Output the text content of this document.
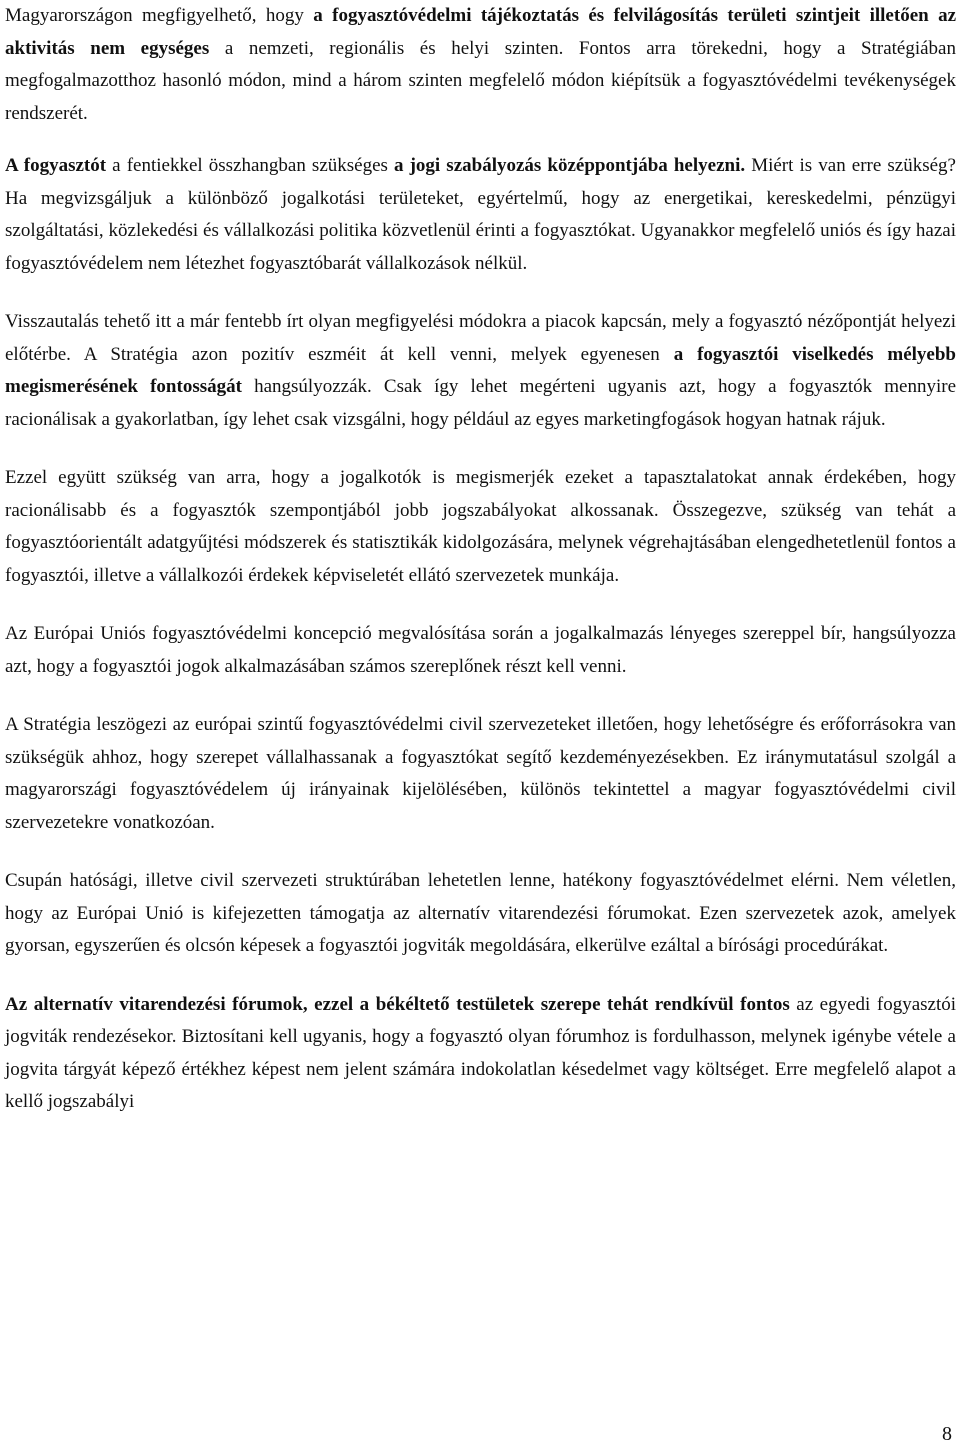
Magyarországon megfigyelhető, hogy a fogyasztóvédelmi tájékoztatás és felvilágosítás területi szintjeit illetően az aktivitás nem egységes a nemzeti, regionális és helyi szinten. Fontos arra törekedni, hogy a Stratégiában megfogalmazotthoz hasonló módon, mind a három szinten megfelelő módon kiépítsük a fogyasztóvédelmi tevékenységek rendszerét.

A fogyasztót a fentiekkel összhangban szükséges a jogi szabályozás középpontjába helyezni. Miért is van erre szükség? Ha megvizsgáljuk a különböző jogalkotási területeket, egyértelmű, hogy az energetikai, kereskedelmi, pénzügyi szolgáltatási, közlekedési és vállalkozási politika közvetlenül érinti a fogyasztókat. Ugyanakkor megfelelő uniós és így hazai fogyasztóvédelem nem létezhet fogyasztóbarát vállalkozások nélkül.

Visszautalás tehető itt a már fentebb írt olyan megfigyelési módokra a piacok kapcsán, mely a fogyasztó nézőpontját helyezi előtérbe. A Stratégia azon pozitív eszméit át kell venni, melyek egyenesen a fogyasztói viselkedés mélyebb megismerésének fontosságát hangsúlyozzák. Csak így lehet megérteni ugyanis azt, hogy a fogyasztók mennyire racionálisak a gyakorlatban, így lehet csak vizsgálni, hogy például az egyes marketingfogások hogyan hatnak rájuk.

Ezzel együtt szükség van arra, hogy a jogalkotók is megismerjék ezeket a tapasztalatokat annak érdekében, hogy racionálisabb és a fogyasztók szempontjából jobb jogszabályokat alkossanak. Összegezve, szükség van tehát a fogyasztóorientált adatgyűjtési módszerek és statisztikák kidolgozására, melynek végrehajtásában elengedhetetlenül fontos a fogyasztói, illetve a vállalkozói érdekek képviseletét ellátó szervezetek munkája.

Az Európai Uniós fogyasztóvédelmi koncepció megvalósítása során a jogalkalmazás lényeges szereppel bír, hangsúlyozza azt, hogy a fogyasztói jogok alkalmazásában számos szereplőnek részt kell venni.

A Stratégia leszögezi az európai szintű fogyasztóvédelmi civil szervezeteket illetően, hogy lehetőségre és erőforrásokra van szükségük ahhoz, hogy szerepet vállalhassanak a fogyasztókat segítő kezdeményezésekben. Ez iránymutatásul szolgál a magyarországi fogyasztóvédelem új irányainak kijelölésében, különös tekintettel a magyar fogyasztóvédelmi civil szervezetekre vonatkozóan.

Csupán hatósági, illetve civil szervezeti struktúrában lehetetlen lenne, hatékony fogyasztóvédelmet elérni. Nem véletlen, hogy az Európai Unió is kifejezetten támogatja az alternatív vitarendezési fórumokat. Ezen szervezetek azok, amelyek gyorsan, egyszerűen és olcsón képesek a fogyasztói jogviták megoldására, elkerülve ezáltal a bírósági procedúrákat.

Az alternatív vitarendezési fórumok, ezzel a békéltető testületek szerepe tehát rendkívül fontos az egyedi fogyasztói jogviták rendezésekor. Biztosítani kell ugyanis, hogy a fogyasztó olyan fórumhoz is fordulhasson, melynek igénybe vétele a jogvita tárgyát képező értékhez képest nem jelent számára indokolatlan késedelmet vagy költséget. Erre megfelelő alapot a kellő jogszabályi

8
